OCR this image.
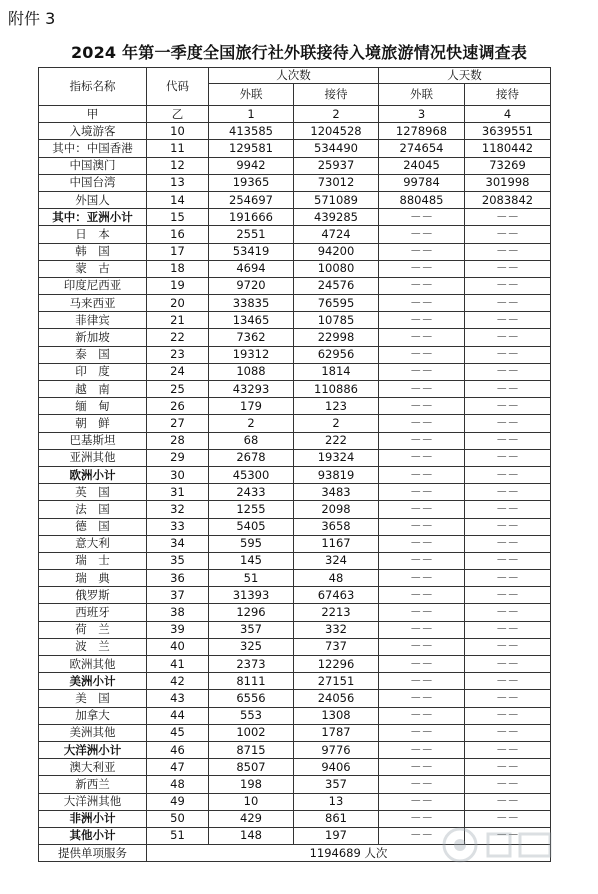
附件 3
2024 年第一季度全国旅行社外联接待入境旅游情况快速调查表
指标名称	代码	人次数		人天数	
		外联	接待	外联	接待
甲	乙	1	2	3	4
入境游客	10	413585	1204528	1278968	3639551
其中：中国香港	11	129581	534490	274654	1180442
中国澳门	12	9942	25937	24045	73269
中国台湾	13	19365	73012	99784	301998
外国人	14	254697	571089	880485	2083842
其中：亚洲小计	15	191666	439285	－－	－－
日　本	16	2551	4724	－－	－－
韩　国	17	53419	94200	－－	－－
蒙　古	18	4694	10080	－－	－－
印度尼西亚	19	9720	24576	－－	－－
马来西亚	20	33835	76595	－－	－－
菲律宾	21	13465	10785	－－	－－
新加坡	22	7362	22998	－－	－－
泰　国	23	19312	62956	－－	－－
印　度	24	1088	1814	－－	－－
越　南	25	43293	110886	－－	－－
缅　甸	26	179	123	－－	－－
朝　鲜	27	2	2	－－	－－
巴基斯坦	28	68	222	－－	－－
亚洲其他	29	2678	19324	－－	－－
欧洲小计	30	45300	93819	－－	－－
英　国	31	2433	3483	－－	－－
法　国	32	1255	2098	－－	－－
德　国	33	5405	3658	－－	－－
意大利	34	595	1167	－－	－－
瑞　士	35	145	324	－－	－－
瑞　典	36	51	48	－－	－－
俄罗斯	37	31393	67463	－－	－－
西班牙	38	1296	2213	－－	－－
荷　兰	39	357	332	－－	－－
波　兰	40	325	737	－－	－－
欧洲其他	41	2373	12296	－－	－－
美洲小计	42	8111	27151	－－	－－
美　国	43	6556	24056	－－	－－
加拿大	44	553	1308	－－	－－
美洲其他	45	1002	1787	－－	－－
大洋洲小计	46	8715	9776	－－	－－
澳大利亚	47	8507	9406	－－	－－
新西兰	48	198	357	－－	－－
大洋洲其他	49	10	13	－－	－－
非洲小计	50	429	861	－－	－－
其他小计	51	148	197	－－	－－
提供单项服务	1194689 人次				
